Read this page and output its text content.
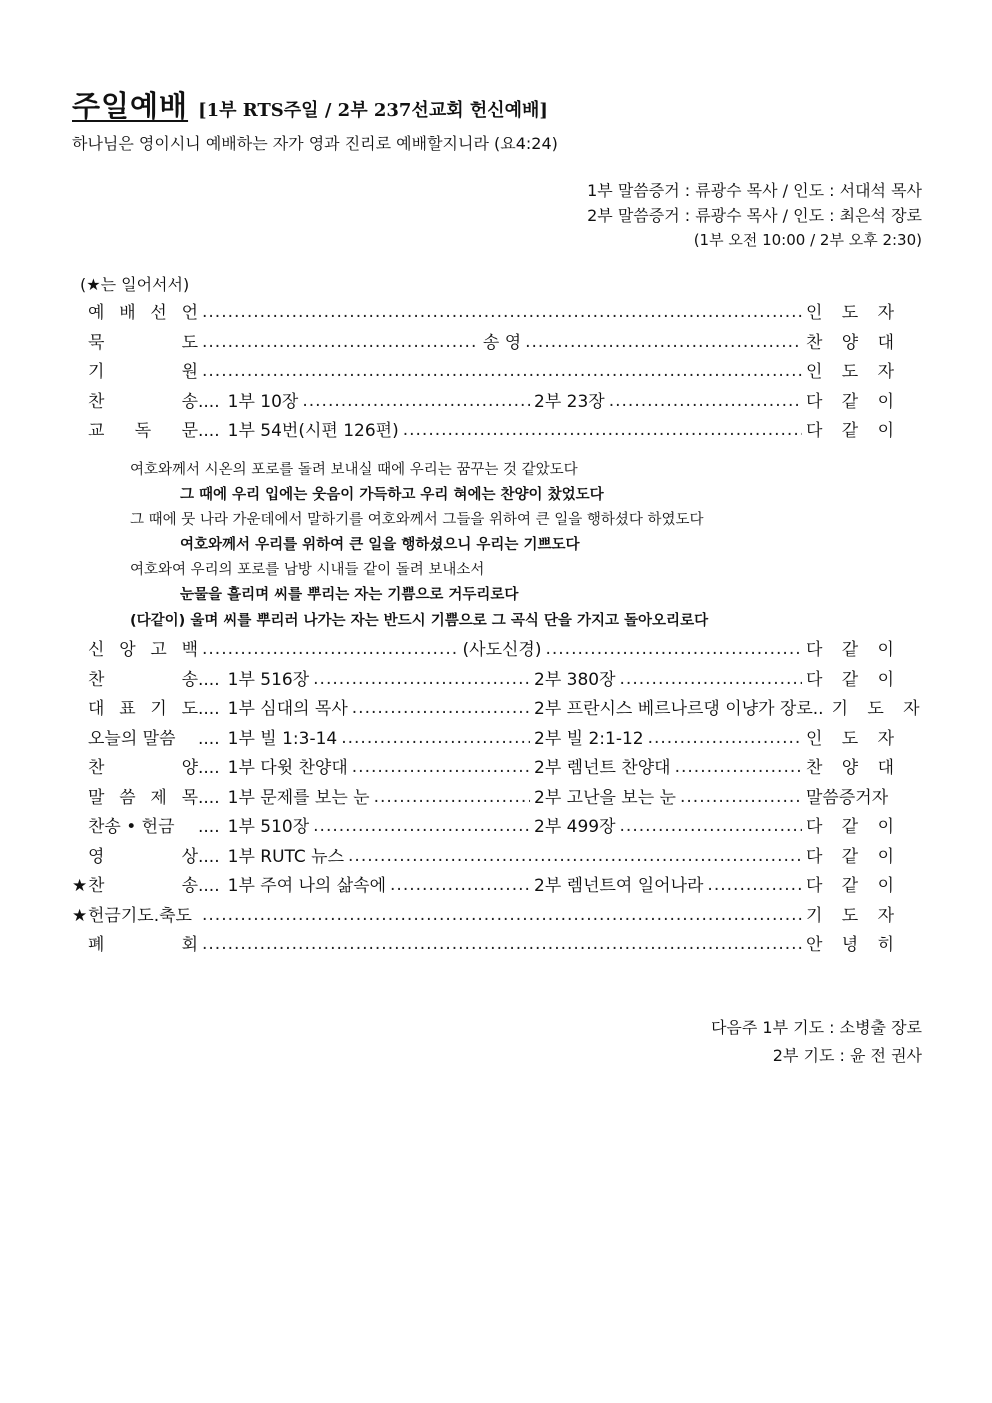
주일예배 [1부 RTS주일 / 2부 237선교회 헌신예배]
하나님은 영이시니 예배하는 자가 영과 진리로 예배할지니라 (요4:24)
1부 말씀증거 : 류광수 목사 / 인도 : 서대석 목사
2부 말씀증거 : 류광수 목사 / 인도 : 최은석 장로
(1부 오전 10:00 / 2부 오후 2:30)
(★는 일어서서)
예 배 선 언 .....	인 도 자
묵	도 .....	송 영 .....	찬 양 대
기	원 .....	인 도 자
찬	송 .... 1부 10장 .....	2부 23장 .....	다 같 이
교 독 문 .... 1부 54번(시편 126편) .....	다 같 이
여호와께서 시온의 포로를 돌려 보내실 때에 우리는 꿈꾸는 것 같았도다
그 때에 우리 입에는 웃음이 가득하고 우리 혀에는 찬양이 찼었도다
그 때에 뭇 나라 가운데에서 말하기를 여호와께서 그들을 위하여 큰 일을 행하셨다 하였도다
여호와께서 우리를 위하여 큰 일을 행하셨으니 우리는 기쁘도다
여호와여 우리의 포로를 남방 시내들 같이 돌려 보내소서
눈물을 흘리며 씨를 뿌리는 자는 기쁨으로 거두리로다
(다같이) 울며 씨를 뿌리러 나가는 자는 반드시 기쁨으로 그 곡식 단을 가지고 돌아오리로다
신 앙 고 백 .....	(사도신경) .....	다 같 이
찬	송 .... 1부 516장 .....	2부 380장 .....	다 같 이
대 표 기 도 .... 1부 심대의 목사 .....	2부 프란시스 베르나르댕 이냥가 장로.. 기 도 자
오늘의 말씀 .... 1부 빌 1:3-14 .....	2부 빌 2:1-12 .....	인 도 자
찬	양 .... 1부 다윗 찬양대 .....	2부 렘넌트 찬양대 .....	찬 양 대
말 씀 제 목 .... 1부 문제를 보는 눈 .....	2부 고난을 보는 눈 .....	말씀증거자
찬송 • 헌금 .... 1부 510장 .....	2부 499장 .....	다 같 이
영	상 .... 1부 RUTC 뉴스 .....	다 같 이
★ 찬	송 .... 1부 주여 나의 삶속에 .....	2부 렘넌트여 일어나라 .....	다 같 이
★ 헌금기도.축도 .....	기 도 자
폐	회 .....	안 녕 히
다음주 1부 기도 : 소병출 장로
2부 기도 : 윤 전 권사
